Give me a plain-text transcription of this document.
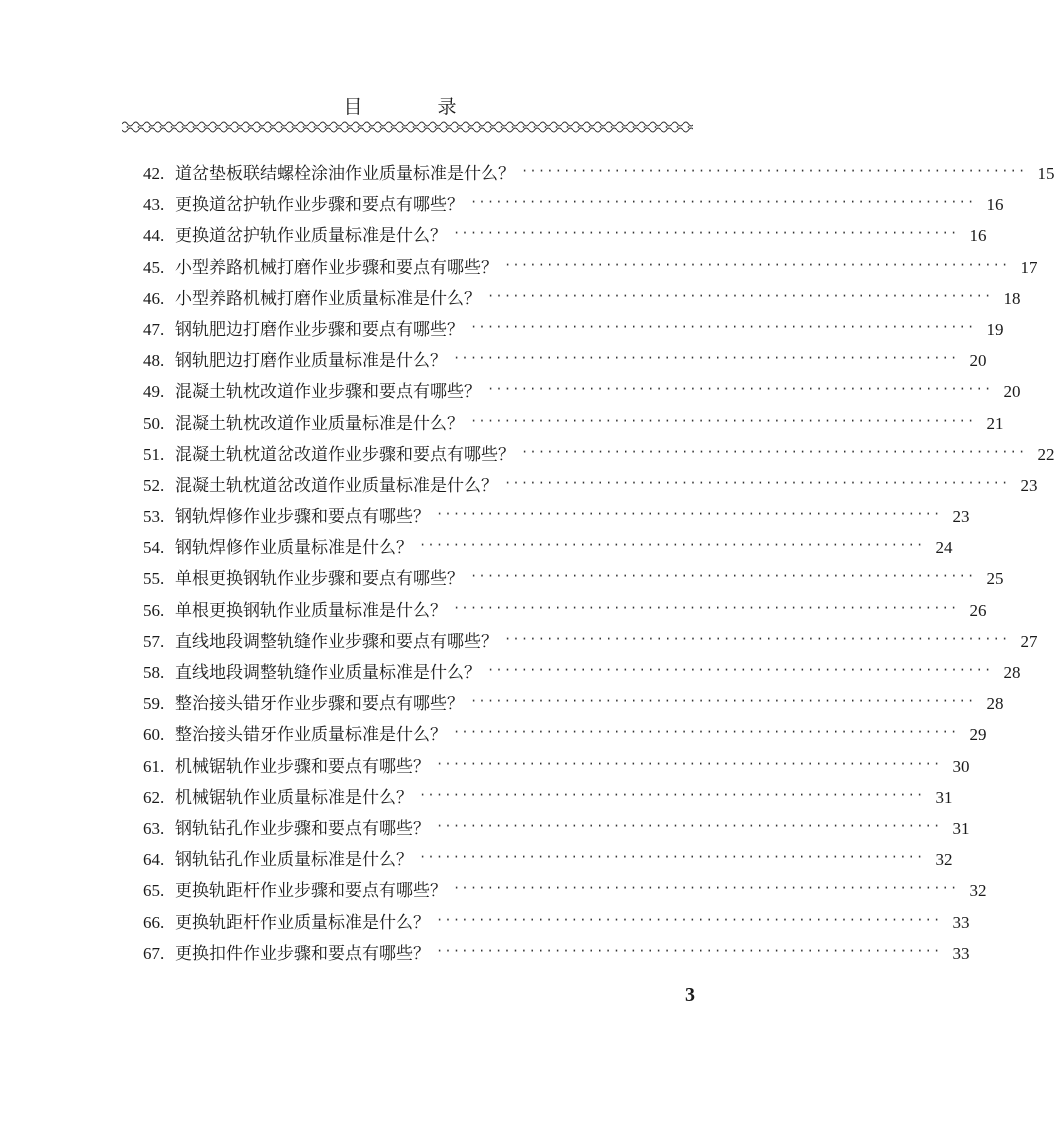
目　录
42. 道岔垫板联结螺栓涂油作业质量标准是什么？ ···························································· 15
43. 更换道岔护轨作业步骤和要点有哪些？ ···························································· 16
44. 更换道岔护轨作业质量标准是什么？ ···························································· 16
45. 小型养路机械打磨作业步骤和要点有哪些？ ···························································· 17
46. 小型养路机械打磨作业质量标准是什么？ ···························································· 18
47. 钢轨肥边打磨作业步骤和要点有哪些？ ···························································· 19
48. 钢轨肥边打磨作业质量标准是什么？ ···························································· 20
49. 混凝土轨枕改道作业步骤和要点有哪些？ ···························································· 20
50. 混凝土轨枕改道作业质量标准是什么？ ···························································· 21
51. 混凝土轨枕道岔改道作业步骤和要点有哪些？ ···························································· 22
52. 混凝土轨枕道岔改道作业质量标准是什么？ ···························································· 23
53. 钢轨焊修作业步骤和要点有哪些？ ···························································· 23
54. 钢轨焊修作业质量标准是什么？ ···························································· 24
55. 单根更换钢轨作业步骤和要点有哪些？ ···························································· 25
56. 单根更换钢轨作业质量标准是什么？ ···························································· 26
57. 直线地段调整轨缝作业步骤和要点有哪些？ ···························································· 27
58. 直线地段调整轨缝作业质量标准是什么？ ···························································· 28
59. 整治接头错牙作业步骤和要点有哪些？ ···························································· 28
60. 整治接头错牙作业质量标准是什么？ ···························································· 29
61. 机械锯轨作业步骤和要点有哪些？ ···························································· 30
62. 机械锯轨作业质量标准是什么？ ···························································· 31
63. 钢轨钻孔作业步骤和要点有哪些？ ···························································· 31
64. 钢轨钻孔作业质量标准是什么？ ···························································· 32
65. 更换轨距杆作业步骤和要点有哪些？ ···························································· 32
66. 更换轨距杆作业质量标准是什么？ ···························································· 33
67. 更换扣件作业步骤和要点有哪些？ ···························································· 33
3
